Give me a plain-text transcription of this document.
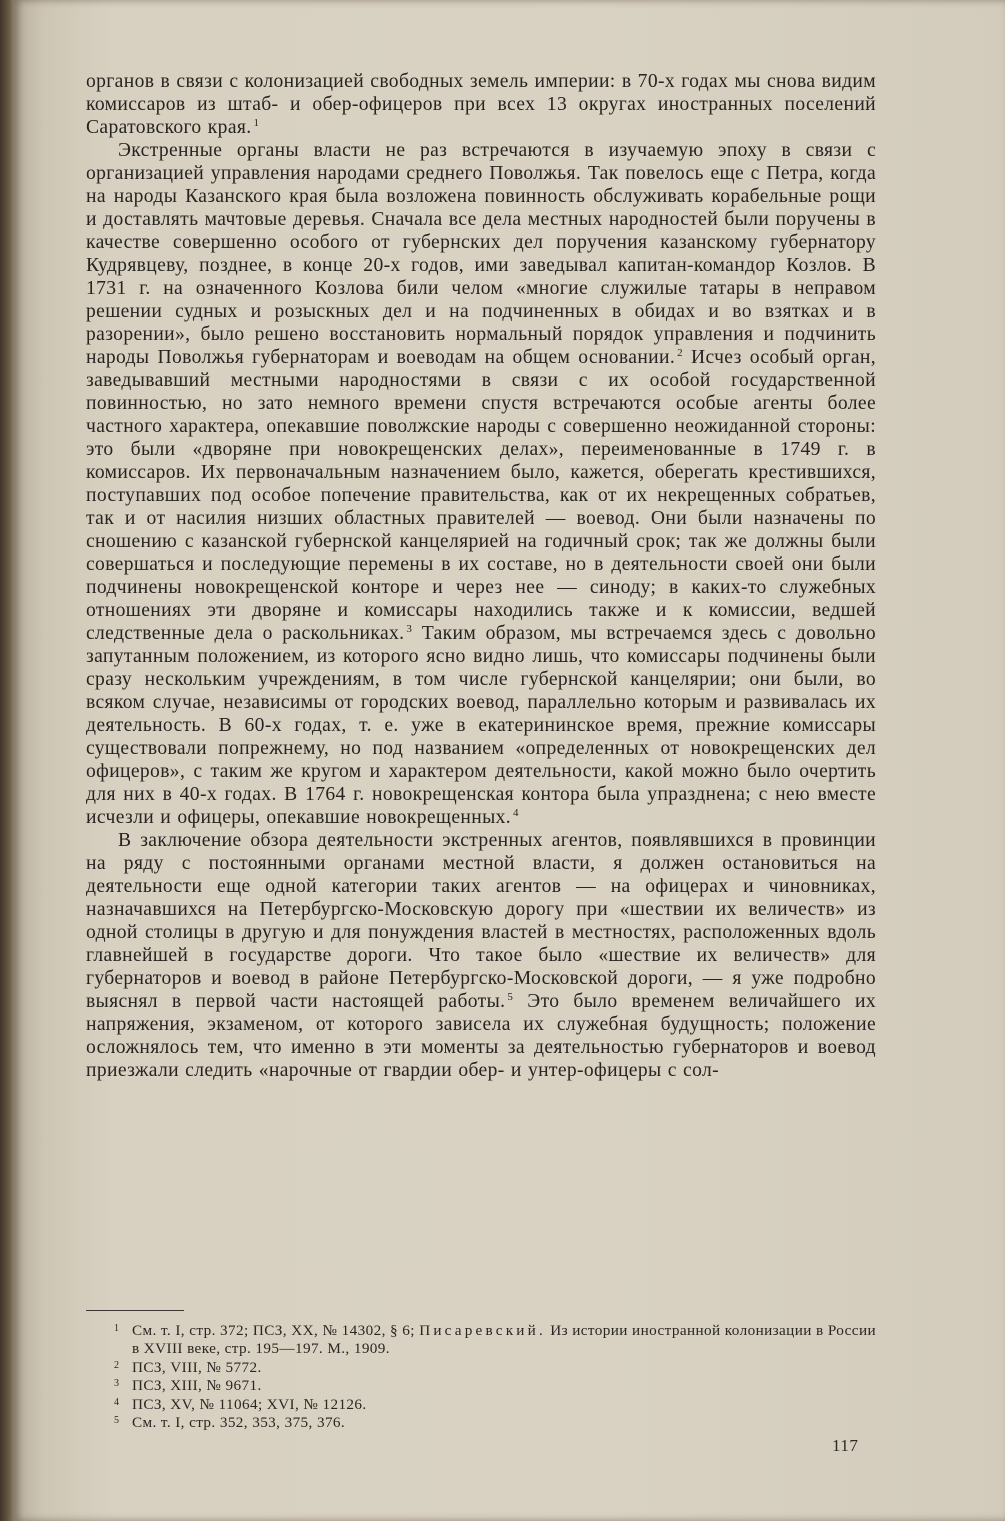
органов в связи с колонизацией свободных земель империи: в 70-х годах мы снова видим комиссаров из штаб- и обер-офицеров при всех 13 округах иностранных поселений Саратовского края. $^1$

Экстренные органы власти не раз встречаются в изучаемую эпоху в связи с организацией управления народами среднего Поволжья. Так повелось еще с Петра, когда на народы Казанского края была возложена повинность обслуживать корабельные рощи и доставлять мачтовые деревья. Сначала все дела местных народностей были поручены в качестве совершенно особого от губернских дел поручения казанскому губернатору Кудрявцеву, позднее, в конце 20-х годов, ими заведывал капитан-командор Козлов. В 1731 г. на означенного Козлова били челом «многие служилые татары в неправом решении судных и розыскных дел и на подчиненных в обидах и во взятках и в разорении», было решено восстановить нормальный порядок управления и подчинить народы Поволжья губернаторам и воеводам на общем основании. $^2$ Исчез особый орган, заведывавший местными народностями в связи с их особой государственной повинностью, но зато немного времени спустя встречаются особые агенты более частного характера, опекавшие поволжские народы с совершенно неожиданной стороны: это были «дворяне при новокрещенских делах», переименованные в 1749 г. в комиссаров. Их первоначальным назначением было, кажется, оберегать крестившихся, поступавших под особое попечение правительства, как от их некрещенных собратьев, так и от насилия низших областных правителей — воевод. Они были назначены по сношению с казанской губернской канцелярией на годичный срок; так же должны были совершаться и последующие перемены в их составе, но в деятельности своей они были подчинены новокрещенской конторе и через нее — синоду; в каких-то служебных отношениях эти дворяне и комиссары находились также и к комиссии, ведшей следственные дела о раскольниках. $^3$ Таким образом, мы встречаемся здесь с довольно запутанным положением, из которого ясно видно лишь, что комиссары подчинены были сразу нескольким учреждениям, в том числе губернской канцелярии; они были, во всяком случае, независимы от городских воевод, параллельно которым и развивалась их деятельность. В 60-х годах, т. е. уже в екатерининское время, прежние комиссары существовали попрежнему, но под названием «определенных от новокрещенских дел офицеров», с таким же кругом и характером деятельности, какой можно было очертить для них в 40-х годах. В 1764 г. новокрещенская контора была упразднена; с нею вместе исчезли и офицеры, опекавшие новокрещенных. $^4$

В заключение обзора деятельности экстренных агентов, появлявшихся в провинции на ряду с постоянными органами местной власти, я должен остановиться на деятельности еще одной категории таких агентов — на офицерах и чиновниках, назначавшихся на Петербургско-Московскую дорогу при «шествии их величеств» из одной столицы в другую и для понуждения властей в местностях, расположенных вдоль главнейшей в государстве дороги. Что такое было «шествие их величеств» для губернаторов и воевод в районе Петербургско-Московской дороги, — я уже подробно выяснял в первой части настоящей работы. $^5$ Это было временем величайшего их напряжения, экзаменом, от которого зависела их служебная будущность; положение осложнялось тем, что именно в эти моменты за деятельностью губернаторов и воевод приезжали следить «нарочные от гвардии обер- и унтер-офицеры с сол-

1 См. т. I, стр. 372; ПСЗ, XX, № 14302, § 6; Писаревский. Из истории иностранной колонизации в России в XVIII веке, стр. 195—197. М., 1909.
2 ПСЗ, VIII, № 5772.
3 ПСЗ, XIII, № 9671.
4 ПСЗ, XV, № 11064; XVI, № 12126.
5 См. т. I, стр. 352, 353, 375, 376.
117
